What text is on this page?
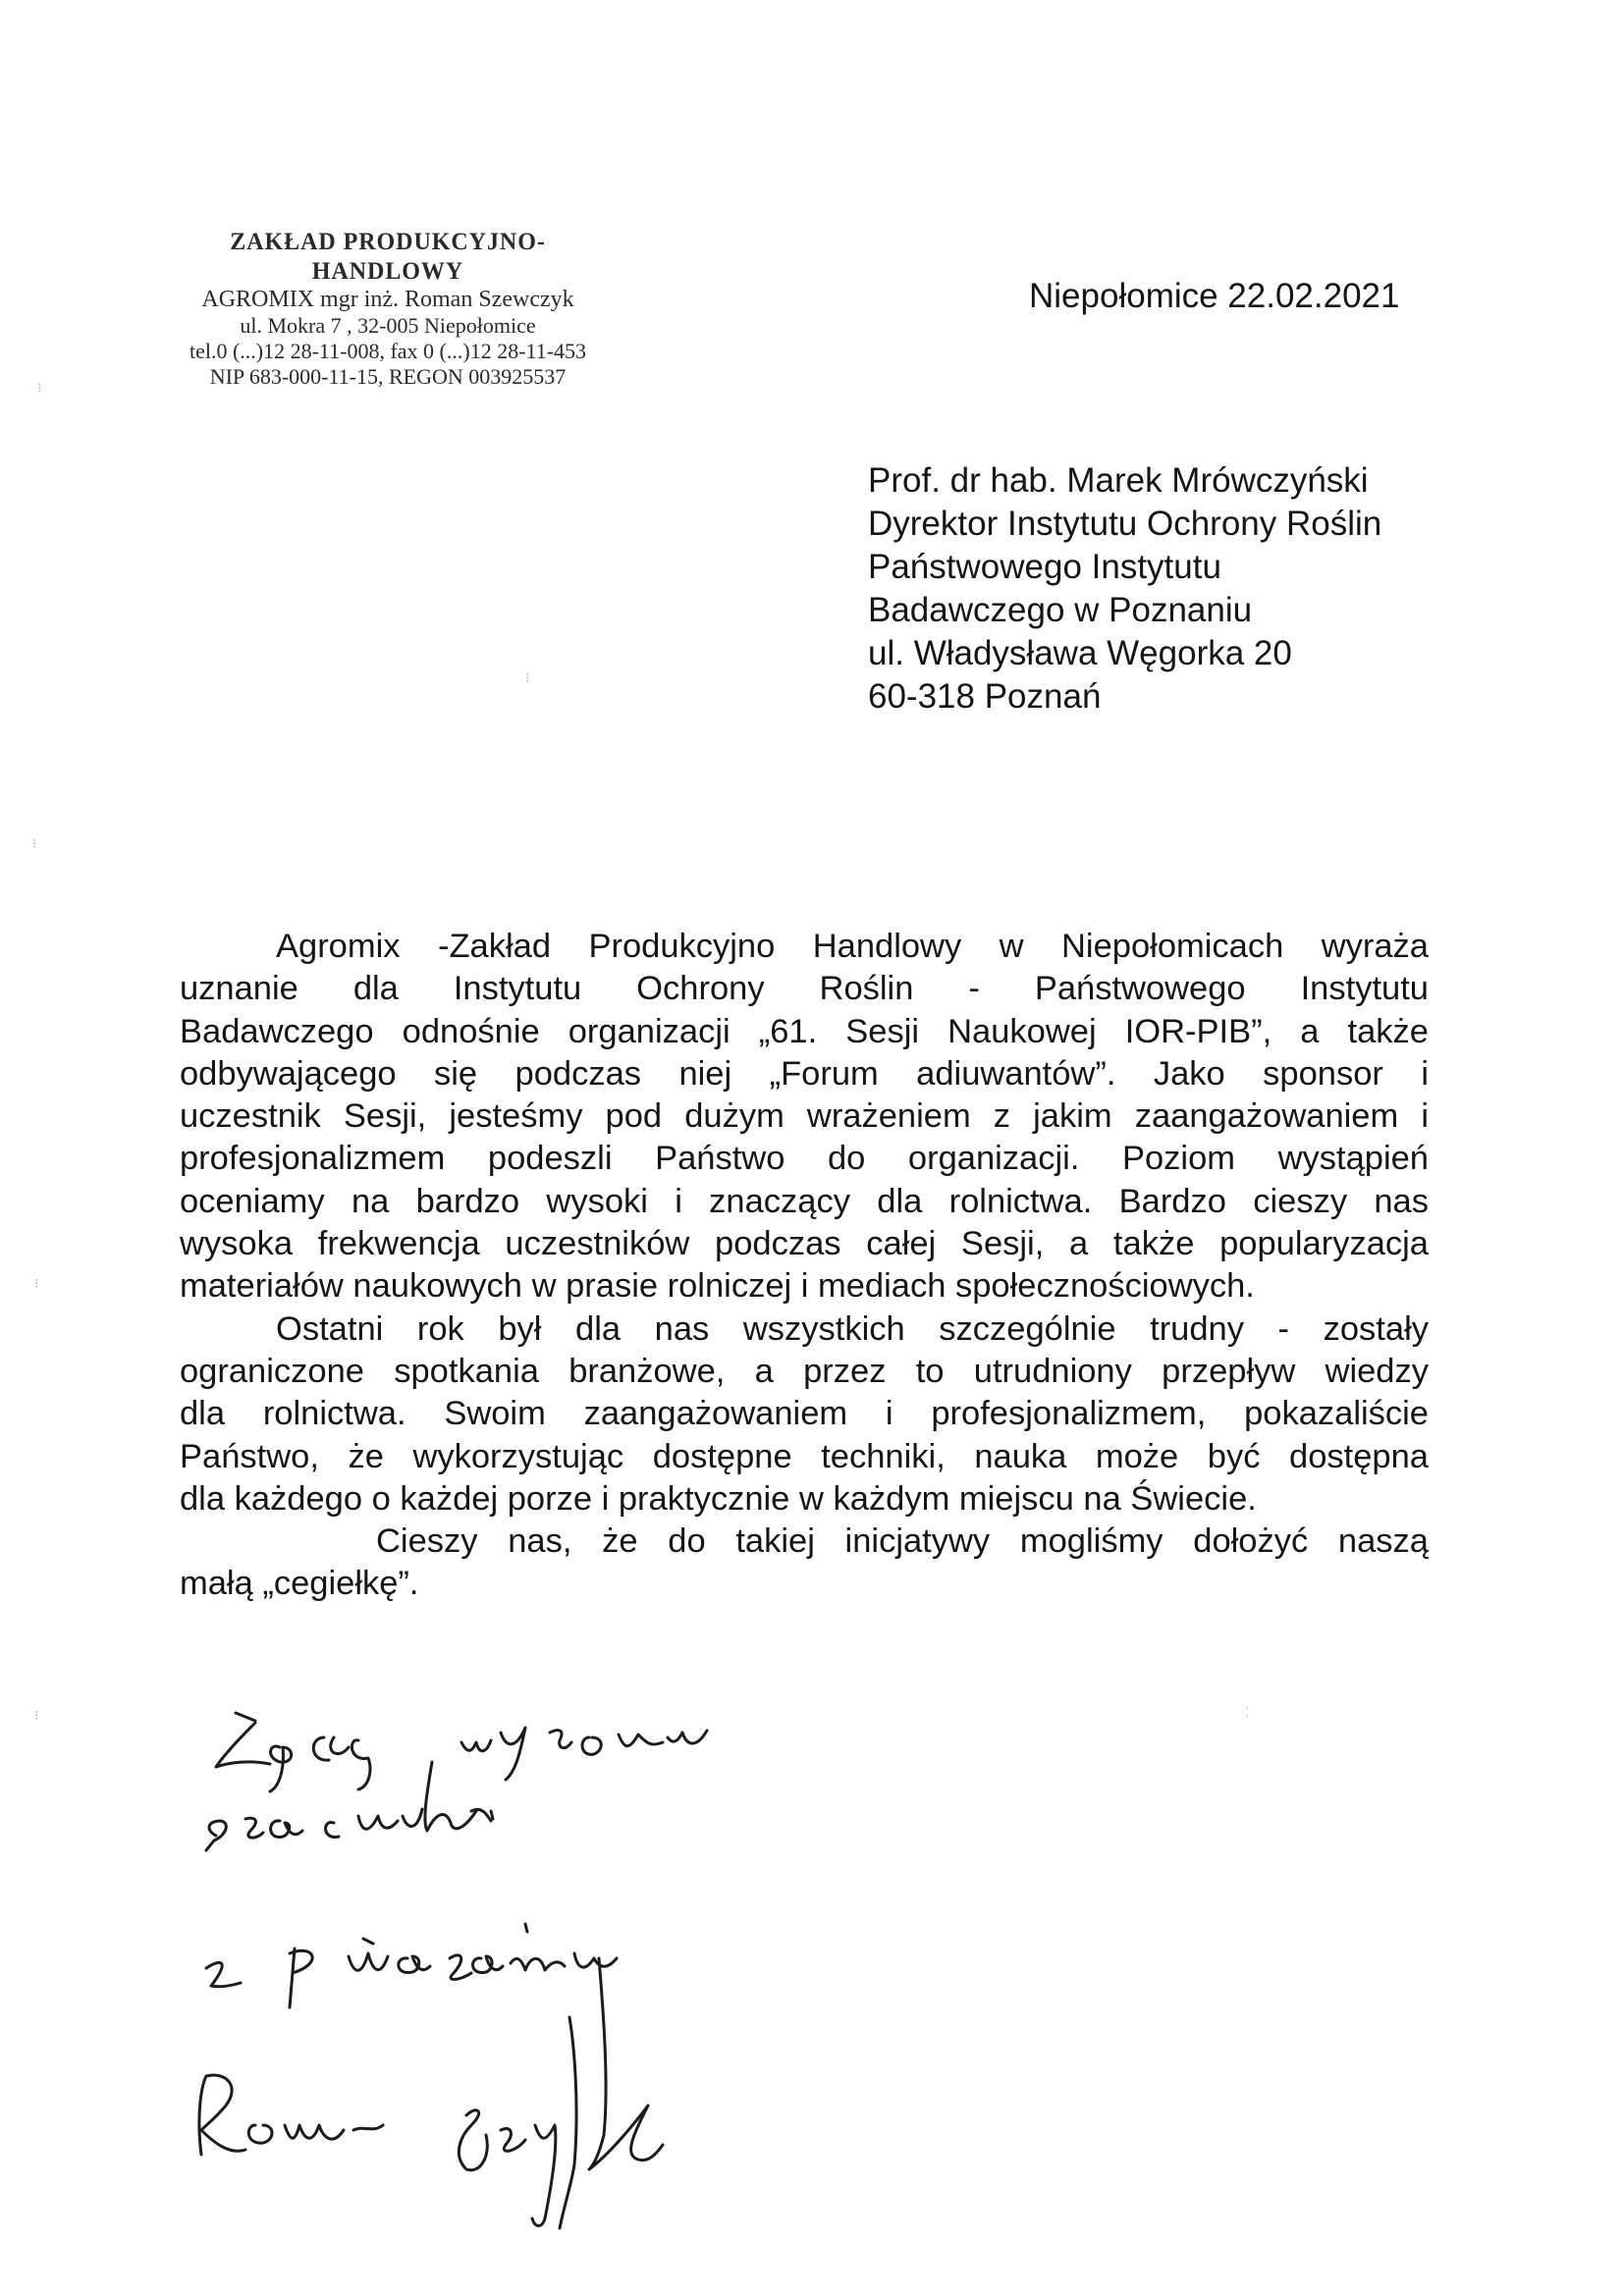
ZAKŁAD PRODUKCYJNO-HANDLOWY
AGROMIX mgr inż. Roman Szewczyk
ul. Mokra 7 , 32-005 Niepołomice
tel.0 (...)12 28-11-008, fax 0 (...)12 28-11-453
NIP 683-000-11-15, REGON 003925537
Niepołomice 22.02.2021
Prof. dr hab. Marek Mrówczyński
Dyrektor Instytutu Ochrony Roślin
Państwowego Instytutu
Badawczego w Poznaniu
ul. Władysława Węgorka 20
60-318 Poznań
Agromix -Zakład Produkcyjno Handlowy w Niepołomicach wyraża
uznanie dla Instytutu Ochrony Roślin - Państwowego Instytutu
Badawczego odnośnie organizacji „61. Sesji Naukowej IOR-PIB”, a także
odbywającego się podczas niej „Forum adiuwantów”. Jako sponsor i
uczestnik Sesji, jesteśmy pod dużym wrażeniem z jakim zaangażowaniem i
profesjonalizmem podeszli Państwo do organizacji. Poziom wystąpień
oceniamy na bardzo wysoki i znaczący dla rolnictwa. Bardzo cieszy nas
wysoka frekwencja uczestników podczas całej Sesji, a także popularyzacja
materiałów naukowych w prasie rolniczej i mediach społecznościowych.
Ostatni rok był dla nas wszystkich szczególnie trudny - zostały
ograniczone spotkania branżowe, a przez to utrudniony przepływ wiedzy
dla rolnictwa. Swoim zaangażowaniem i profesjonalizmem, pokazaliście
Państwo, że wykorzystując dostępne techniki, nauka może być dostępna
dla każdego o każdej porze i praktycznie w każdym miejscu na Świecie.
Cieszy nas, że do takiej inicjatywy mogliśmy dołożyć naszą
małą „cegiełkę”.
⁝
⁝
⁝
⁝	⁚
⁝
